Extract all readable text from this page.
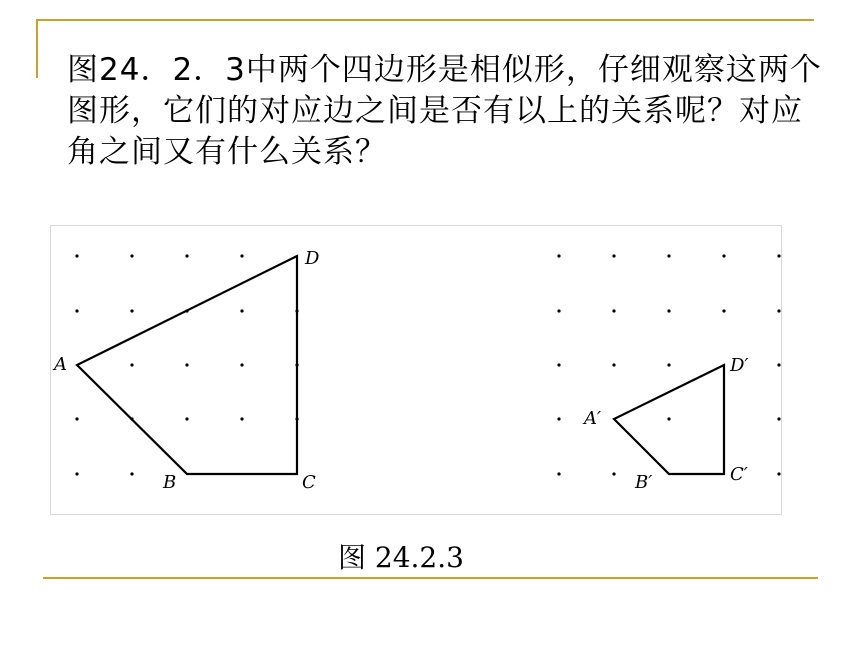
图24．2．3中两个四边形是相似形，仔细观察这两个图形，它们的对应边之间是否有以上的关系呢？对应角之间又有什么关系？
A
B	C
D
A′
B′	C′
D′
图 24.2.3
